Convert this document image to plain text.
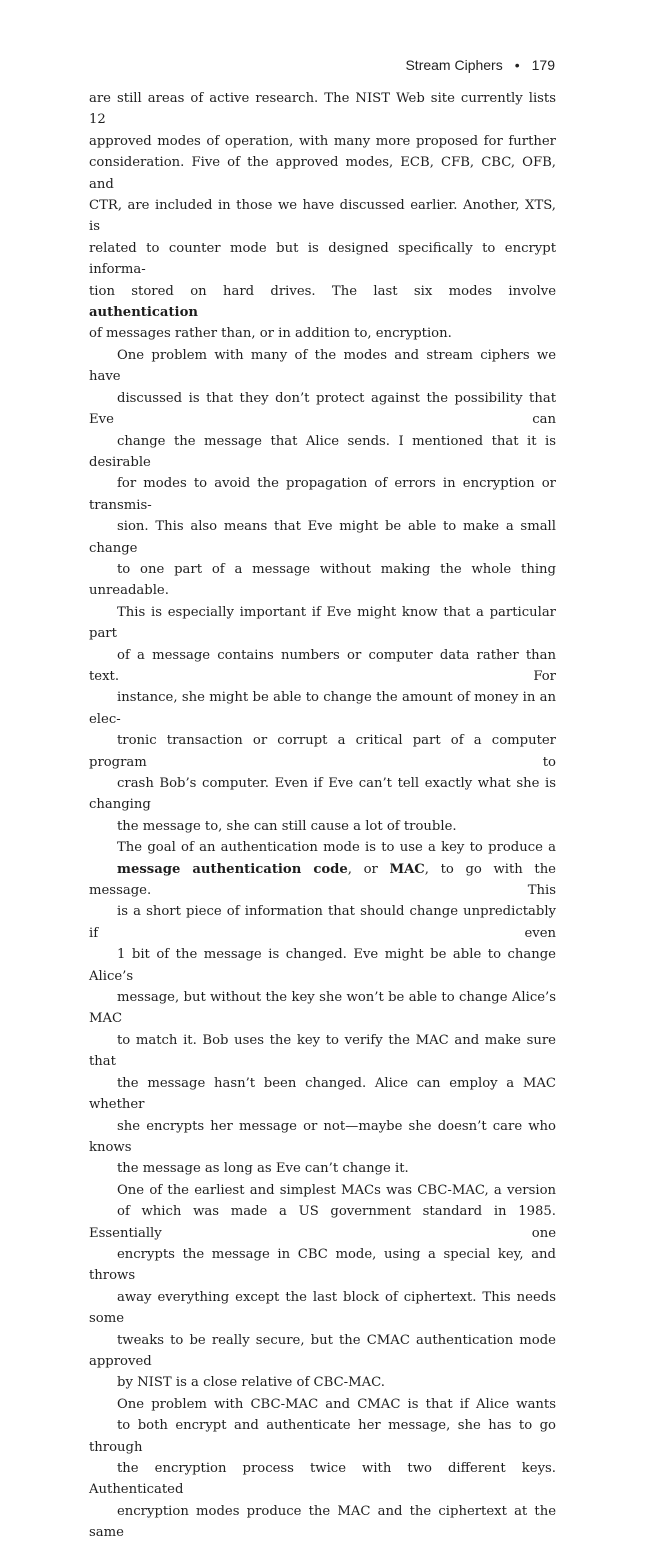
Stream Ciphers • 179

are still areas of active research. The NIST Web site currently lists 12
approved modes of operation, with many more proposed for further
consideration. Five of the approved modes, ECB, CFB, CBC, OFB, and
CTR, are included in those we have discussed earlier. Another, XTS, is
related to counter mode but is designed specifically to encrypt informa-
tion stored on hard drives. The last six modes involve authentication
of messages rather than, or in addition to, encryption.

One problem with many of the modes and stream ciphers we have
discussed is that they don’t protect against the possibility that Eve can
change the message that Alice sends. I mentioned that it is desirable
for modes to avoid the propagation of errors in encryption or transmis-
sion. This also means that Eve might be able to make a small change
to one part of a message without making the whole thing unreadable.
This is especially important if Eve might know that a particular part
of a message contains numbers or computer data rather than text. For
instance, she might be able to change the amount of money in an elec-
tronic transaction or corrupt a critical part of a computer program to
crash Bob’s computer. Even if Eve can’t tell exactly what she is changing
the message to, she can still cause a lot of trouble.

The goal of an authentication mode is to use a key to produce a
message authentication code, or MAC, to go with the message. This
is a short piece of information that should change unpredictably if even
1 bit of the message is changed. Eve might be able to change Alice’s
message, but without the key she won’t be able to change Alice’s MAC
to match it. Bob uses the key to verify the MAC and make sure that
the message hasn’t been changed. Alice can employ a MAC whether
she encrypts her message or not—maybe she doesn’t care who knows
the message as long as Eve can’t change it.

One of the earliest and simplest MACs was CBC-MAC, a version
of which was made a US government standard in 1985. Essentially one
encrypts the message in CBC mode, using a special key, and throws
away everything except the last block of ciphertext. This needs some
tweaks to be really secure, but the CMAC authentication mode approved
by NIST is a close relative of CBC-MAC.

One problem with CBC-MAC and CMAC is that if Alice wants
to both encrypt and authenticate her message, she has to go through
the encryption process twice with two different keys. Authenticated
encryption modes produce the MAC and the ciphertext at the same
